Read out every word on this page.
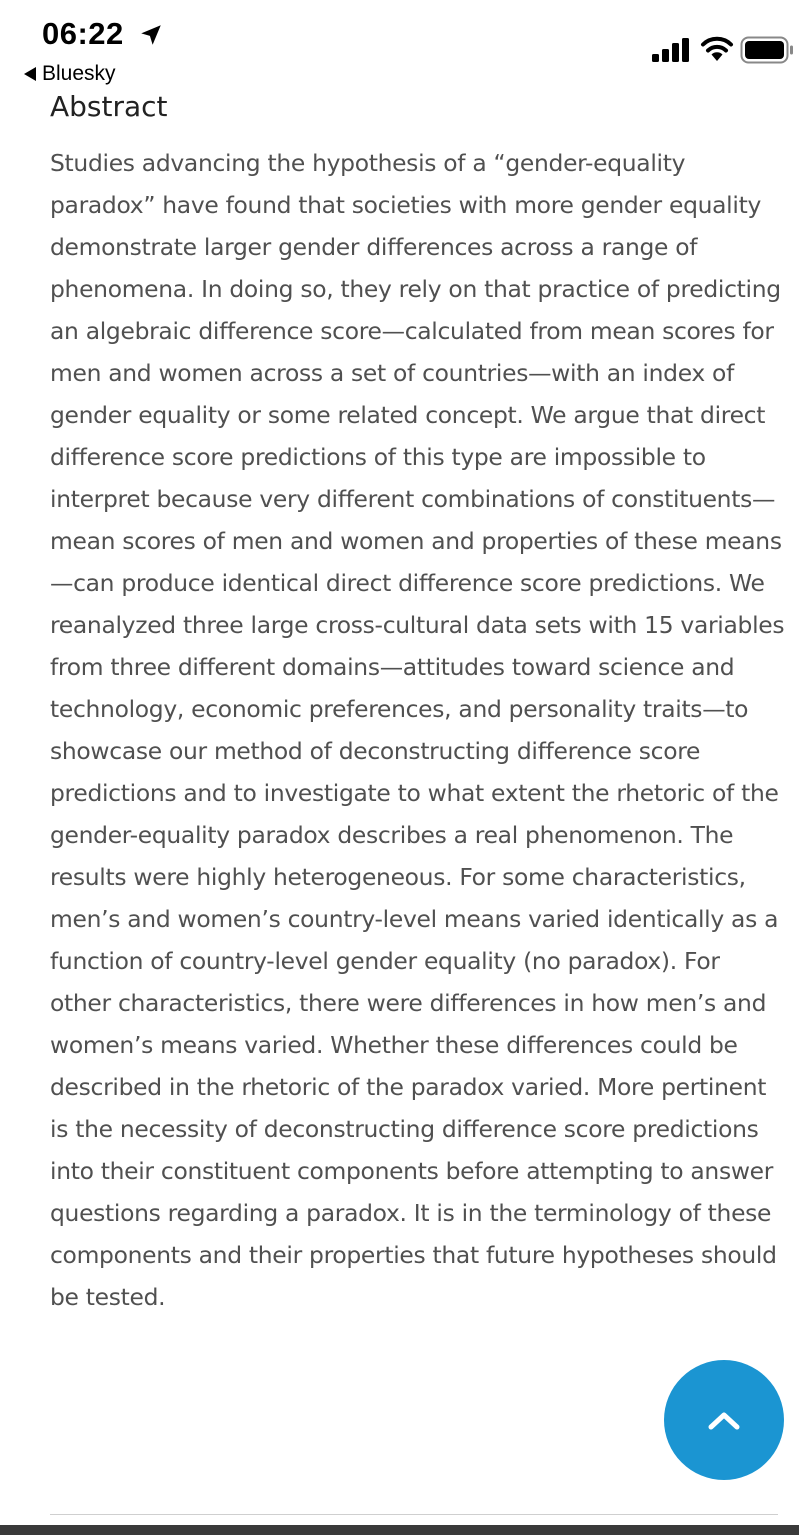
06:22
Bluesky
Abstract

Studies advancing the hypothesis of a “gender-equality paradox” have found that societies with more gender equality demonstrate larger gender differences across a range of phenomena. In doing so, they rely on that practice of predicting an algebraic difference score—calculated from mean scores for men and women across a set of countries—with an index of gender equality or some related concept. We argue that direct difference score predictions of this type are impossible to interpret because very different combinations of constituents—mean scores of men and women and properties of these means—can produce identical direct difference score predictions. We reanalyzed three large cross-cultural data sets with 15 variables from three different domains—attitudes toward science and technology, economic preferences, and personality traits—to showcase our method of deconstructing difference score predictions and to investigate to what extent the rhetoric of the gender-equality paradox describes a real phenomenon. The results were highly heterogeneous. For some characteristics, men’s and women’s country-level means varied identically as a function of country-level gender equality (no paradox). For other characteristics, there were differences in how men’s and women’s means varied. Whether these differences could be described in the rhetoric of the paradox varied. More pertinent is the necessity of deconstructing difference score predictions into their constituent components before attempting to answer questions regarding a paradox. It is in the terminology of these components and their properties that future hypotheses should be tested.
